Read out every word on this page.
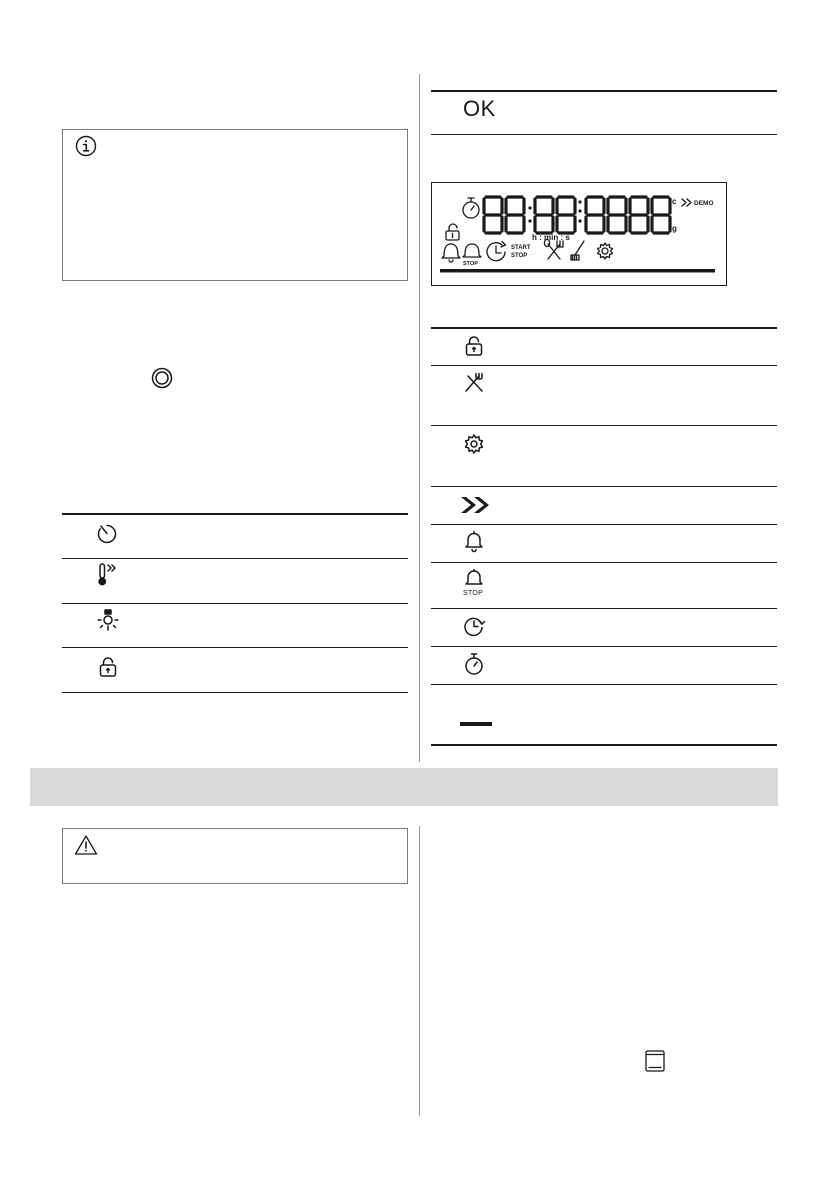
OK
c
g
DEMO
h : min : s
STOP
START
STOP
STOP
